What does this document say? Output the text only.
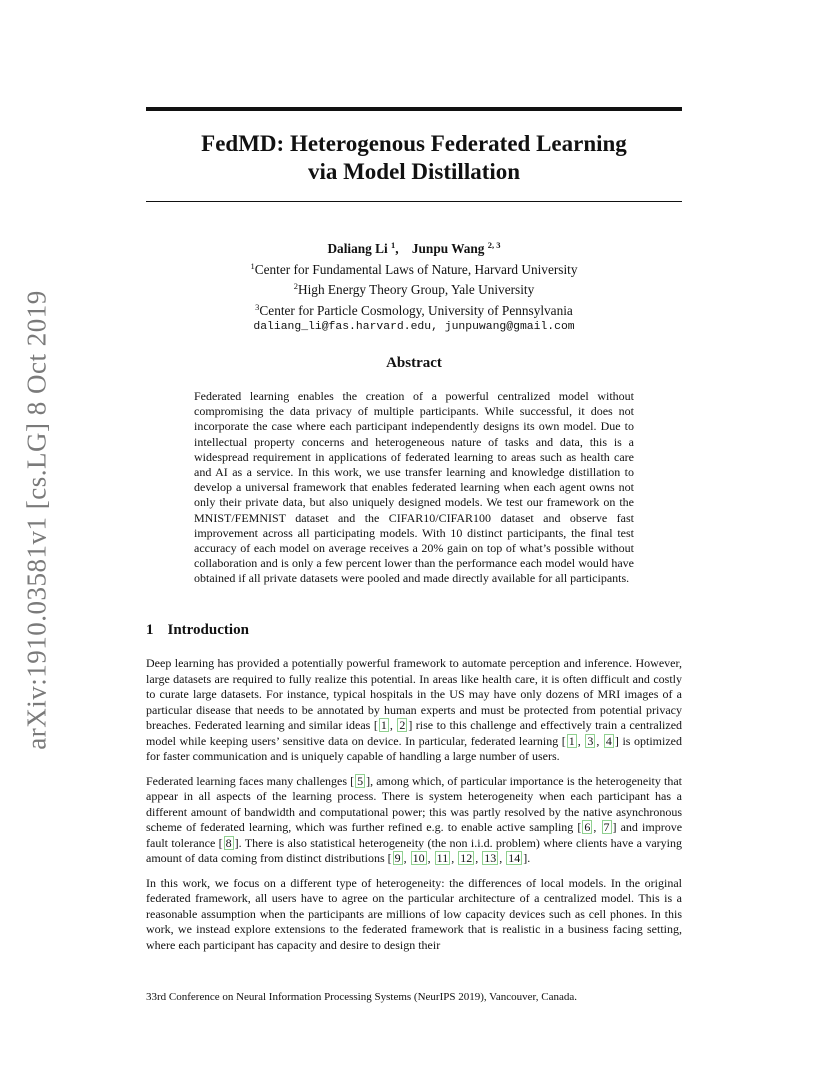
arXiv:1910.03581v1 [cs.LG] 8 Oct 2019
FedMD: Heterogenous Federated Learning
via Model Distillation
Daliang Li $^1$,    Junpu Wang $^{2, 3}$
$^1$Center for Fundamental Laws of Nature, Harvard University
$^2$High Energy Theory Group, Yale University
$^3$Center for Particle Cosmology, University of Pennsylvania
daliang_li@fas.harvard.edu, junpuwang@gmail.com
Abstract
Federated learning enables the creation of a powerful centralized model without compromising the data privacy of multiple participants. While successful, it does not incorporate the case where each participant independently designs its own model. Due to intellectual property concerns and heterogeneous nature of tasks and data, this is a widespread requirement in applications of federated learning to areas such as health care and AI as a service. In this work, we use transfer learning and knowledge distillation to develop a universal framework that enables federated learning when each agent owns not only their private data, but also uniquely designed models. We test our framework on the MNIST/FEMNIST dataset and the CIFAR10/CIFAR100 dataset and observe fast improvement across all participating models. With 10 distinct participants, the final test accuracy of each model on average receives a 20% gain on top of what’s possible without collaboration and is only a few percent lower than the performance each model would have obtained if all private datasets were pooled and made directly available for all participants.
1 Introduction

Deep learning has provided a potentially powerful framework to automate perception and inference. However, large datasets are required to fully realize this potential. In areas like health care, it is often difficult and costly to curate large datasets. For instance, typical hospitals in the US may have only dozens of MRI images of a particular disease that needs to be annotated by human experts and must be protected from potential privacy breaches. Federated learning and similar ideas [ 1 , 2 ] rise to this challenge and effectively train a centralized model while keeping users’ sensitive data on device. In particular, federated learning [ 1 , 3 , 4 ] is optimized for faster communication and is uniquely capable of handling a large number of users.

Federated learning faces many challenges [ 5 ], among which, of particular importance is the heterogeneity that appear in all aspects of the learning process. There is system heterogeneity when each participant has a different amount of bandwidth and computational power; this was partly resolved by the native asynchronous scheme of federated learning, which was further refined e.g. to enable active sampling [ 6 , 7 ] and improve fault tolerance [ 8 ]. There is also statistical heterogeneity (the non i.i.d. problem) where clients have a varying amount of data coming from distinct distributions [ 9 , 10 , 11 , 12 , 13 , 14 ].

In this work, we focus on a different type of heterogeneity: the differences of local models. In the original federated framework, all users have to agree on the particular architecture of a centralized model. This is a reasonable assumption when the participants are millions of low capacity devices such as cell phones. In this work, we instead explore extensions to the federated framework that is realistic in a business facing setting, where each participant has capacity and desire to design their

33rd Conference on Neural Information Processing Systems (NeurIPS 2019), Vancouver, Canada.
